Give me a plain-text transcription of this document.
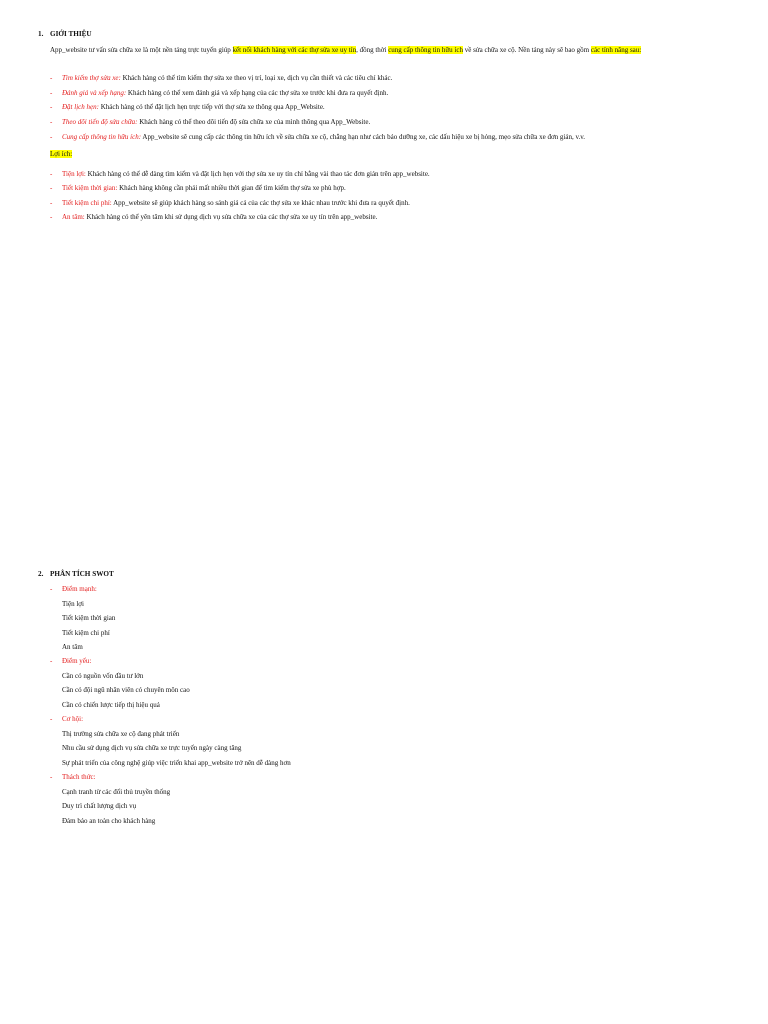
1. GIỚI THIỆU
App_website tư vấn sửa chữa xe là một nền tảng trực tuyến giúp kết nối khách hàng với các thợ sửa xe uy tín, đồng thời cung cấp thông tin hữu ích về sửa chữa xe cộ. Nền tảng này sẽ bao gồm các tính năng sau:
- Tìm kiếm thợ sửa xe: Khách hàng có thể tìm kiếm thợ sửa xe theo vị trí, loại xe, dịch vụ cần thiết và các tiêu chí khác.
- Đánh giá và xếp hạng: Khách hàng có thể xem đánh giá và xếp hạng của các thợ sửa xe trước khi đưa ra quyết định.
- Đặt lịch hẹn: Khách hàng có thể đặt lịch hẹn trực tiếp với thợ sửa xe thông qua App_Website.
- Theo dõi tiến độ sửa chữa: Khách hàng có thể theo dõi tiến độ sửa chữa xe của mình thông qua App_Website.
- Cung cấp thông tin hữu ích: App_website sẽ cung cấp các thông tin hữu ích về sửa chữa xe cộ, chẳng hạn như cách bảo dưỡng xe, các dấu hiệu xe bị hỏng, mẹo sửa chữa xe đơn giản, v.v.
Lợi ích:
- Tiện lợi: Khách hàng có thể dễ dàng tìm kiếm và đặt lịch hẹn với thợ sửa xe uy tín chỉ bằng vài thao tác đơn giản trên app_website.
- Tiết kiệm thời gian: Khách hàng không cần phải mất nhiều thời gian để tìm kiếm thợ sửa xe phù hợp.
- Tiết kiệm chi phí: App_website sẽ giúp khách hàng so sánh giá cả của các thợ sửa xe khác nhau trước khi đưa ra quyết định.
- An tâm: Khách hàng có thể yên tâm khi sử dụng dịch vụ sửa chữa xe của các thợ sửa xe uy tín trên app_website.
2. PHÂN TÍCH SWOT
- Điểm mạnh:
Tiện lợi
Tiết kiệm thời gian
Tiết kiệm chi phí
An tâm
- Điểm yếu:
Cần có nguồn vốn đầu tư lớn
Cần có đội ngũ nhân viên có chuyên môn cao
Cần có chiến lược tiếp thị hiệu quả
- Cơ hội:
Thị trường sửa chữa xe cộ đang phát triển
Nhu cầu sử dụng dịch vụ sửa chữa xe trực tuyến ngày càng tăng
Sự phát triển của công nghệ giúp việc triển khai app_website trở nên dễ dàng hơn
- Thách thức:
Cạnh tranh từ các đối thủ truyền thống
Duy trì chất lượng dịch vụ
Đảm bảo an toàn cho khách hàng
